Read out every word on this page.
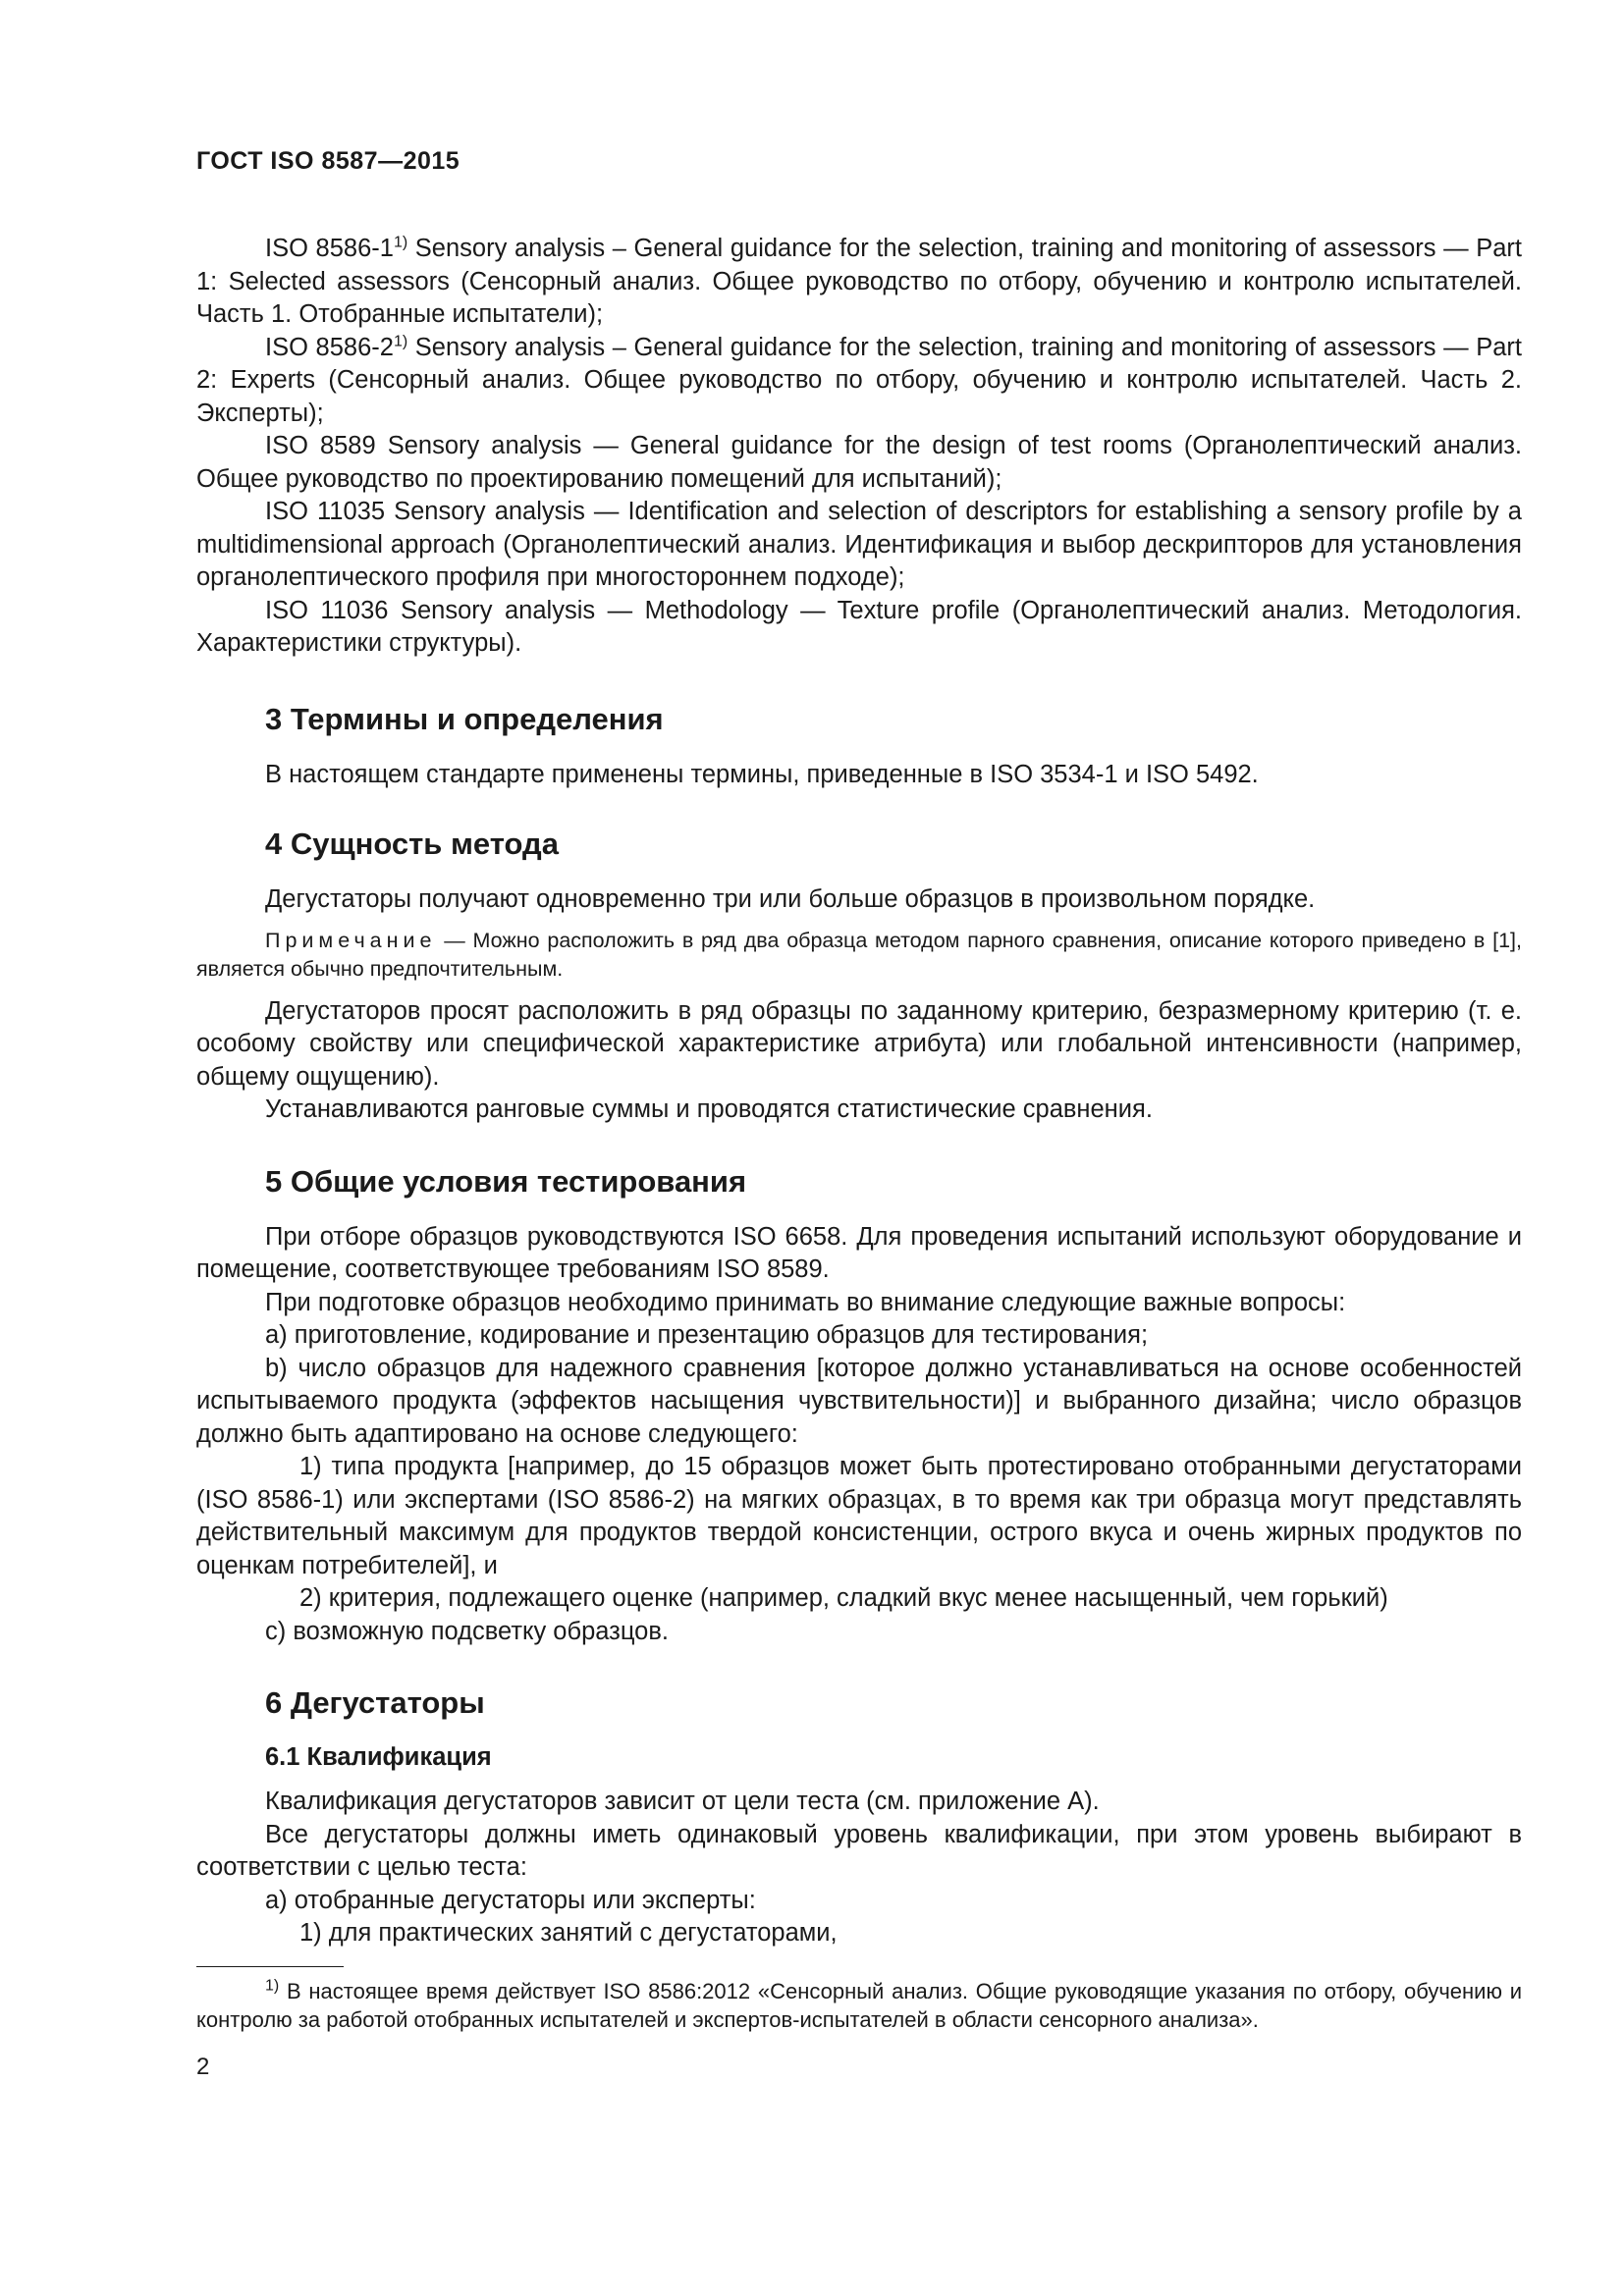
ГОСТ ISO 8587—2015

ISO 8586-1$^{1)}$ Sensory analysis – General guidance for the selection, training and monitoring of assessors — Part 1: Selected assessors (Сенсорный анализ. Общее руководство по отбору, обучению и контролю испытателей. Часть 1. Отобранные испытатели);

ISO 8586-2$^{1)}$ Sensory analysis – General guidance for the selection, training and monitoring of assessors — Part 2: Experts (Сенсорный анализ. Общее руководство по отбору, обучению и контролю испытателей. Часть 2. Эксперты);

ISO 8589 Sensory analysis — General guidance for the design of test rooms (Органолептический анализ. Общее руководство по проектированию помещений для испытаний);

ISO 11035 Sensory analysis — Identification and selection of descriptors for establishing a sensory profile by a multidimensional approach (Органолептический анализ. Идентификация и выбор дескрипторов для установления органолептического профиля при многостороннем подходе);

ISO 11036 Sensory analysis — Methodology — Texture profile (Органолептический анализ. Методология. Характеристики структуры).

3 Термины и определения

В настоящем стандарте применены термины, приведенные в ISO 3534-1 и ISO 5492.

4 Сущность метода

Дегустаторы получают одновременно три или больше образцов в произвольном порядке.

Примечание — Можно расположить в ряд два образца методом парного сравнения, описание которого приведено в [1], является обычно предпочтительным.

Дегустаторов просят расположить в ряд образцы по заданному критерию, безразмерному критерию (т. е. особому свойству или специфической характеристике атрибута) или глобальной интенсивности (например, общему ощущению).

Устанавливаются ранговые суммы и проводятся статистические сравнения.

5 Общие условия тестирования

При отборе образцов руководствуются ISO 6658. Для проведения испытаний используют оборудование и помещение, соответствующее требованиям ISO 8589.

При подготовке образцов необходимо принимать во внимание следующие важные вопросы:

a) приготовление, кодирование и презентацию образцов для тестирования;

b) число образцов для надежного сравнения [которое должно устанавливаться на основе особенностей испытываемого продукта (эффектов насыщения чувствительности)] и выбранного дизайна; число образцов должно быть адаптировано на основе следующего:

1) типа продукта [например, до 15 образцов может быть протестировано отобранными дегустаторами (ISO 8586-1) или экспертами (ISO 8586-2) на мягких образцах, в то время как три образца могут представлять действительный максимум для продуктов твердой консистенции, острого вкуса и очень жирных продуктов по оценкам потребителей], и

2) критерия, подлежащего оценке (например, сладкий вкус менее насыщенный, чем горький)

c) возможную подсветку образцов.

6 Дегустаторы
6.1 Квалификация

Квалификация дегустаторов зависит от цели теста (см. приложение А).

Все дегустаторы должны иметь одинаковый уровень квалификации, при этом уровень выбирают в соответствии с целью теста:

a) отобранные дегустаторы или эксперты:

1) для практических занятий с дегустаторами,

$^{1)}$ В настоящее время действует ISO 8586:2012 «Сенсорный анализ. Общие руководящие указания по отбору, обучению и контролю за работой отобранных испытателей и экспертов-испытателей в области сенсорного анализа».

2
